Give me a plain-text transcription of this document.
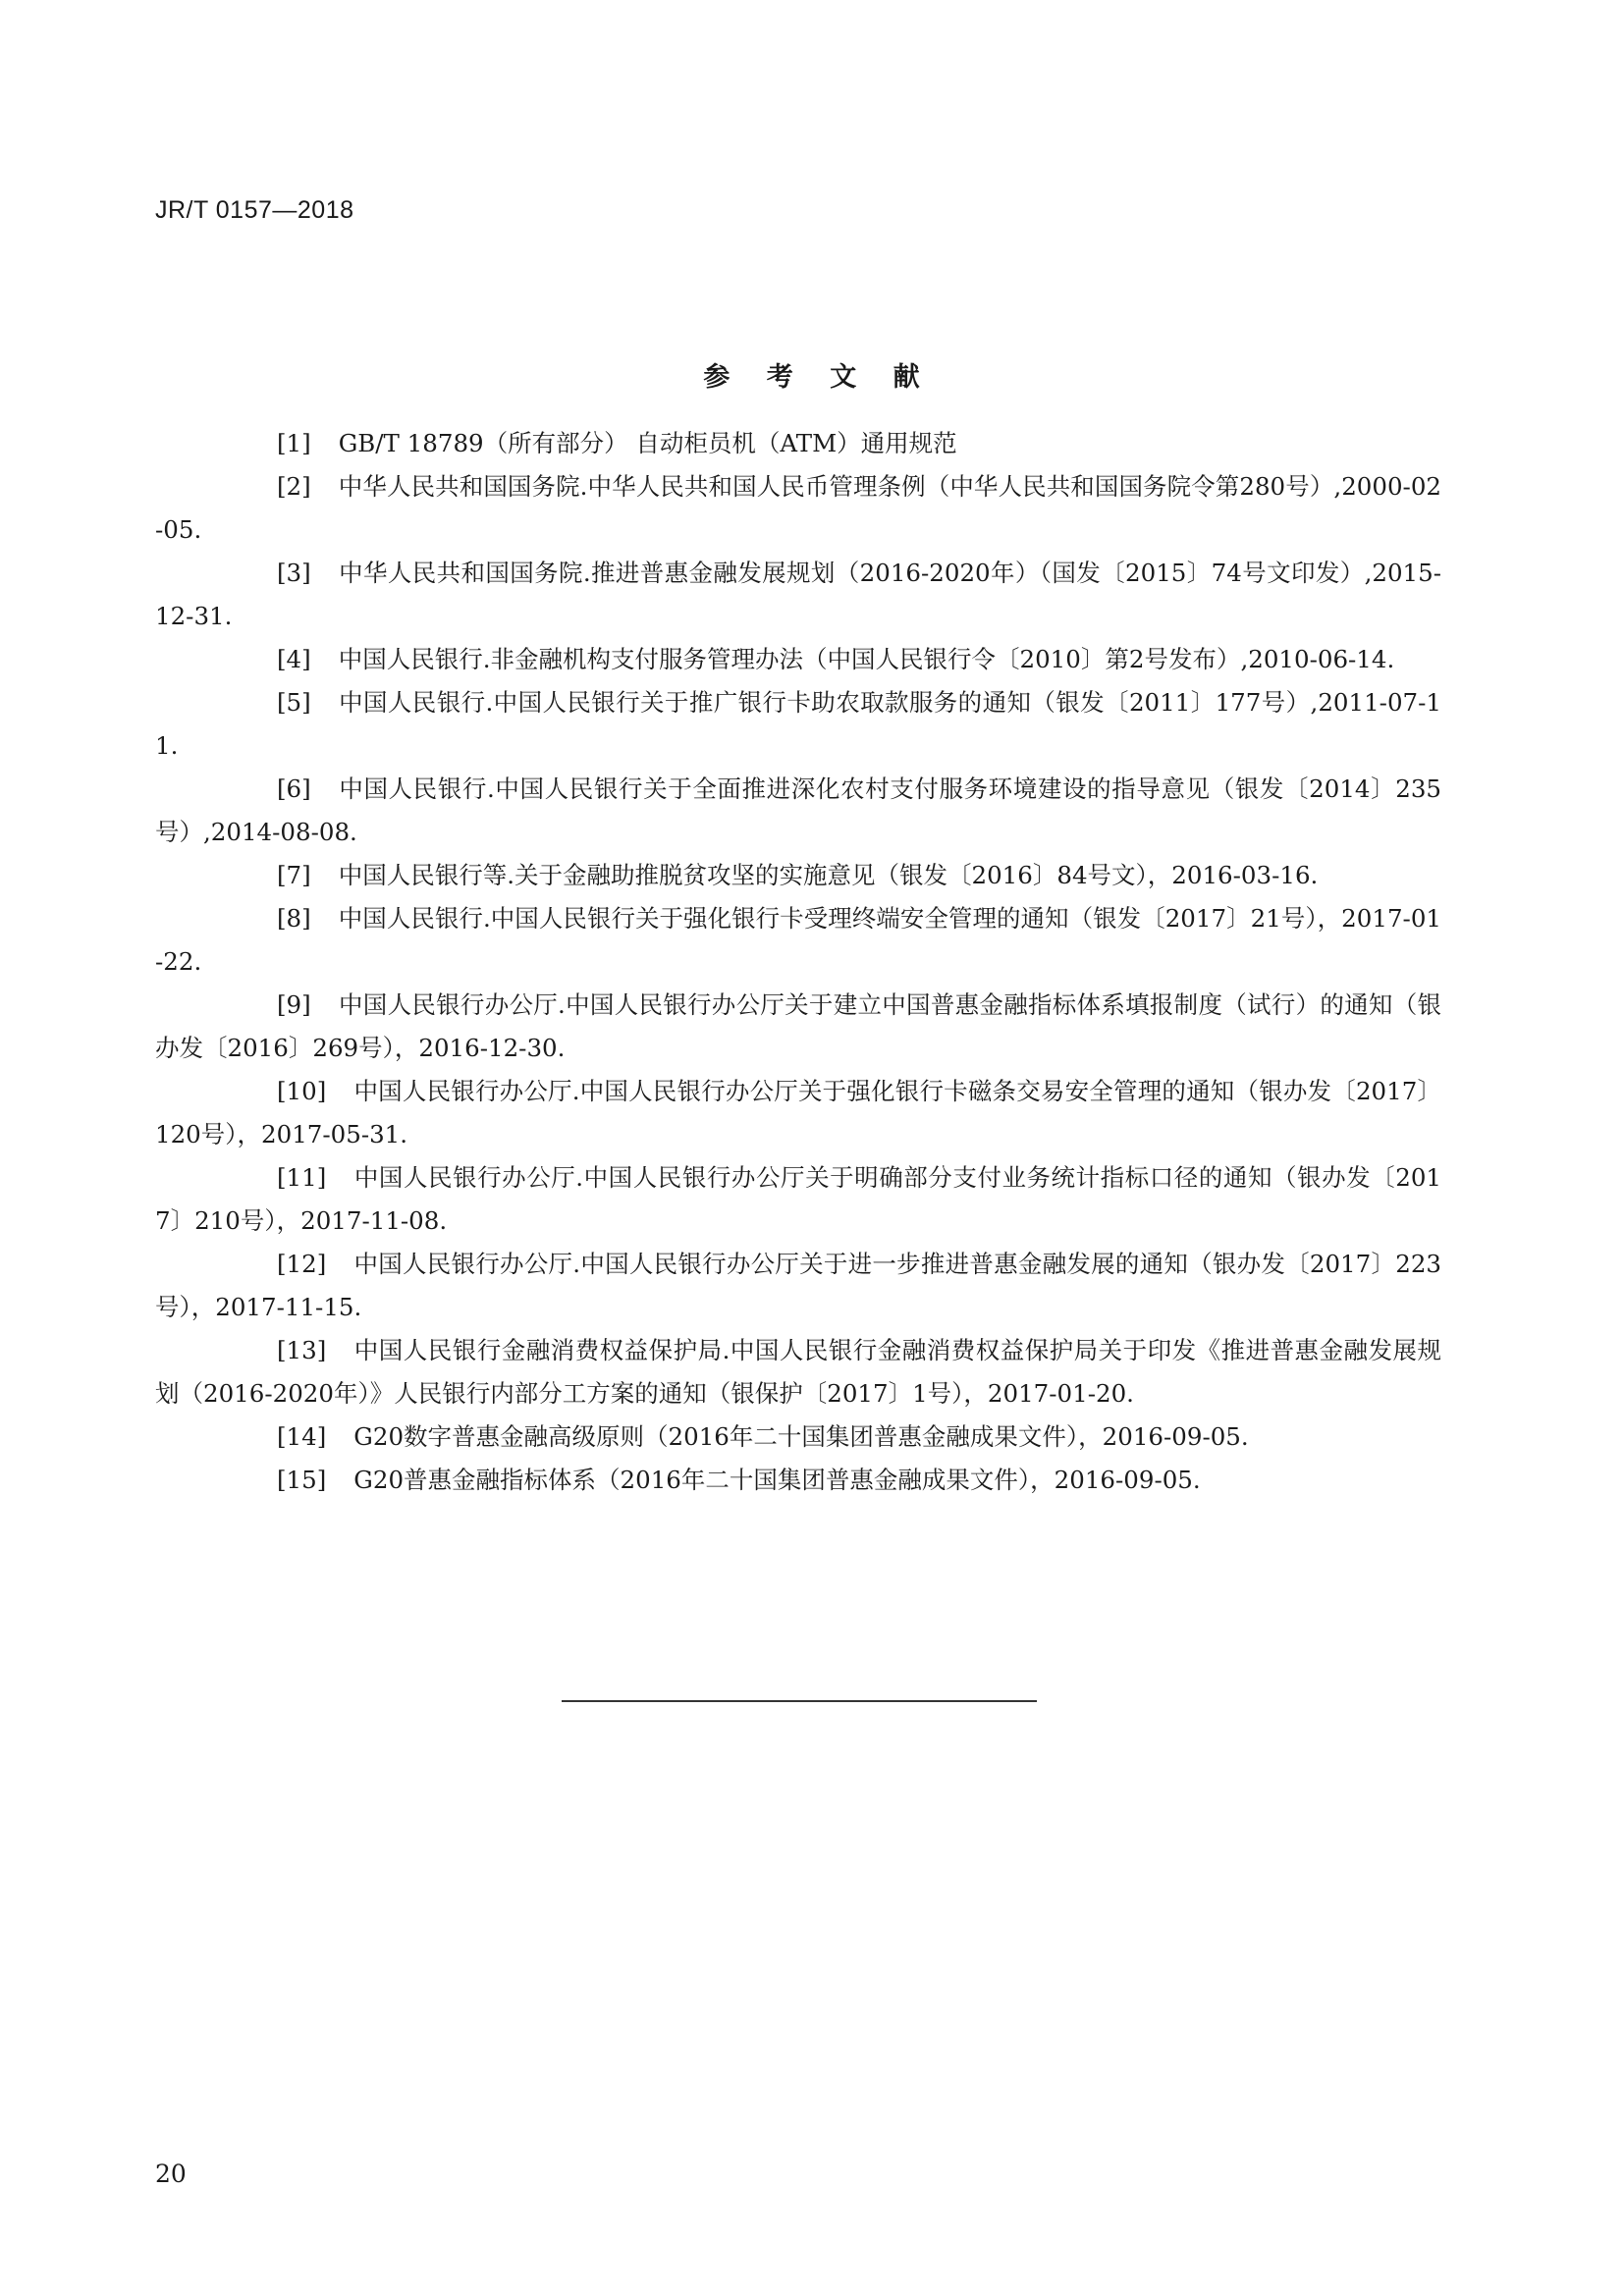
JR/T 0157—2018
参 考 文 献
[1] GB/T 18789（所有部分） 自动柜员机（ATM）通用规范
[2] 中华人民共和国国务院.中华人民共和国人民币管理条例（中华人民共和国国务院令第280号）,2000-02-05.
[3] 中华人民共和国国务院.推进普惠金融发展规划（2016-2020年）（国发〔2015〕74号文印发）,2015-12-31.
[4] 中国人民银行.非金融机构支付服务管理办法（中国人民银行令〔2010〕第2号发布）,2010-06-14.
[5] 中国人民银行.中国人民银行关于推广银行卡助农取款服务的通知（银发〔2011〕177号）,2011-07-11.
[6] 中国人民银行.中国人民银行关于全面推进深化农村支付服务环境建设的指导意见（银发〔2014〕235号）,2014-08-08.
[7] 中国人民银行等.关于金融助推脱贫攻坚的实施意见（银发〔2016〕84号文），2016-03-16.
[8] 中国人民银行.中国人民银行关于强化银行卡受理终端安全管理的通知（银发〔2017〕21号），2017-01-22.
[9] 中国人民银行办公厅.中国人民银行办公厅关于建立中国普惠金融指标体系填报制度（试行）的通知（银办发〔2016〕269号），2016-12-30.
[10] 中国人民银行办公厅.中国人民银行办公厅关于强化银行卡磁条交易安全管理的通知（银办发〔2017〕120号），2017-05-31.
[11] 中国人民银行办公厅.中国人民银行办公厅关于明确部分支付业务统计指标口径的通知（银办发〔2017〕210号），2017-11-08.
[12] 中国人民银行办公厅.中国人民银行办公厅关于进一步推进普惠金融发展的通知（银办发〔2017〕223号），2017-11-15.
[13] 中国人民银行金融消费权益保护局.中国人民银行金融消费权益保护局关于印发《推进普惠金融发展规划（2016-2020年）》人民银行内部分工方案的通知（银保护〔2017〕1号），2017-01-20.
[14] G20数字普惠金融高级原则（2016年二十国集团普惠金融成果文件），2016-09-05.
[15] G20普惠金融指标体系（2016年二十国集团普惠金融成果文件），2016-09-05.
20
